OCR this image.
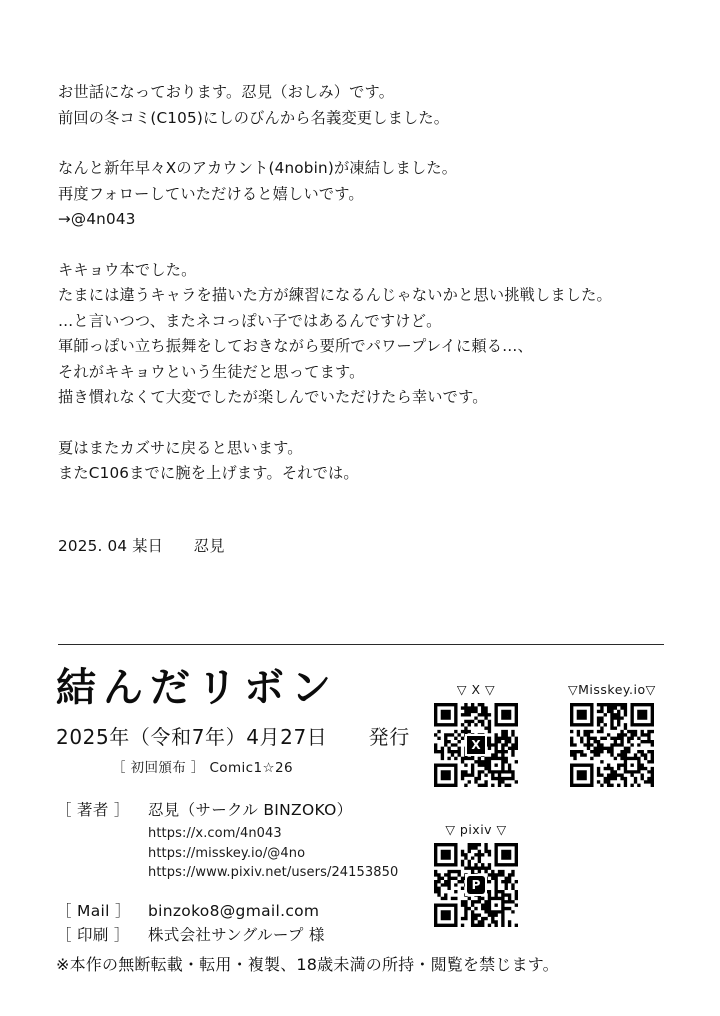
お世話になっております。忍見（おしみ）です。
前回の冬コミ(C105)にしのびんから名義変更しました。
なんと新年早々Xのアカウント(4nobin)が凍結しました。
再度フォローしていただけると嬉しいです。
→@4n043
キキョウ本でした。
たまには違うキャラを描いた方が練習になるんじゃないかと思い挑戦しました。
…と言いつつ、またネコっぽい子ではあるんですけど。
軍師っぽい立ち振舞をしておきながら要所でパワープレイに頼る…、
それがキキョウという生徒だと思ってます。
描き慣れなくて大変でしたが楽しんでいただけたら幸いです。
夏はまたカズサに戻ると思います。
またC106までに腕を上げます。それでは。
2025. 04 某日　　忍見
結んだリボン
2025年（令和7年）4月27日　　発行
［ 初回頒布 ］ Comic1☆26
［ 著者 ］	忍見（サークル BINZOKO）
https://x.com/4n043
https://misskey.io/@4no
https://www.pixiv.net/users/24153850
［ Mail ］	binzoko8@gmail.com
［ 印刷 ］	株式会社サングループ 様
※本作の無断転載・転用・複製、18歳未満の所持・閲覧を禁じます。
▽ X ▽
X
▽Misskey.io▽
▽ pixiv ▽
P
